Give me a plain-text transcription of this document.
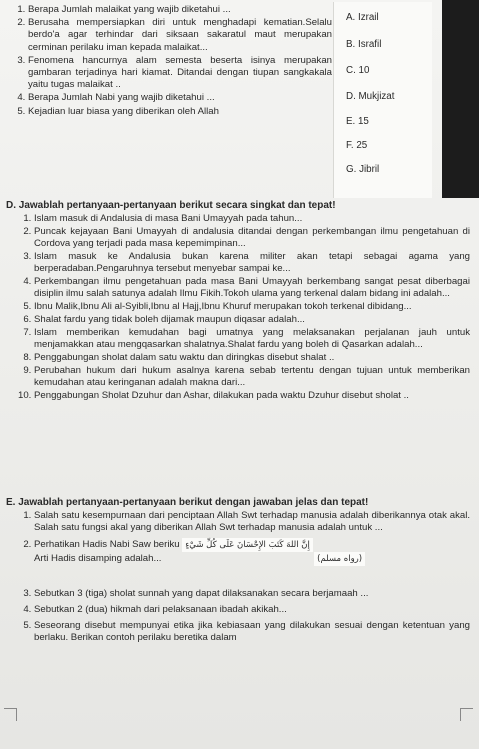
1. Berapa Jumlah malaikat yang wajib diketahui ...
2. Berusaha mempersiapkan diri untuk menghadapi kematian.Selalu berdo'a agar terhindar dari siksaan sakaratul maut merupakan cerminan perilaku iman kepada malaikat...
3. Fenomena hancurnya alam semesta beserta isinya merupakan gambaran terjadinya hari kiamat. Ditandai dengan tiupan sangkakala yaitu tugas malaikat ..
4. Berapa Jumlah Nabi yang wajib diketahui ...
5. Kejadian luar biasa yang diberikan oleh Allah
A. Izrail
B. Israfil
C. 10
D. Mukjizat
E. 15
F. 25
G. Jibril

D. Jawablah pertanyaan-pertanyaan berikut secara singkat dan tepat!

1. Islam masuk di Andalusia di masa Bani Umayyah pada tahun...
2. Puncak kejayaan Bani Umayyah di andalusia ditandai dengan perkembangan ilmu pengetahuan di Cordova yang terjadi pada masa kepemimpinan...
3. Islam masuk ke Andalusia bukan karena militer akan tetapi sebagai agama yang berperadaban.Pengaruhnya tersebut menyebar sampai ke...
4. Perkembangan ilmu pengetahuan pada masa Bani Umayyah berkembang sangat pesat diberbagai disiplin ilmu salah satunya adalah Ilmu Fikih.Tokoh ulama yang terkenal dalam bidang ini adalah...
5. Ibnu Malik,Ibnu Ali al-Syibli,Ibnu al Hajj,Ibnu Khuruf merupakan tokoh terkenal dibidang...
6. Shalat fardu yang tidak boleh dijamak maupun diqasar adalah...
7. Islam memberikan kemudahan bagi umatnya yang melaksanakan perjalanan jauh untuk menjamakkan atau mengqasarkan shalatnya.Shalat fardu yang boleh di Qasarkan adalah...
8. Penggabungan sholat dalam satu waktu dan diringkas disebut shalat ..
9. Perubahan hukum dari hukum asalnya karena sebab tertentu dengan tujuan untuk memberikan kemudahan atau keringanan adalah makna dari...
10. Penggabungan Sholat Dzuhur dan Ashar, dilakukan pada waktu Dzuhur disebut sholat ..

E. Jawablah pertanyaan-pertanyaan berikut dengan jawaban jelas dan tepat!

1. Salah satu kesempurnaan dari penciptaan Allah Swt terhadap manusia adalah diberikannya otak akal. Salah satu fungsi akal yang diberikan Allah Swt terhadap manusia adalah untuk ...
2. Perhatikan Hadis Nabi Saw beriku إِنَّ اللهَ كَتَبَ الإِحْسَانَ عَلَى كُلِّ شَيْءٍ
Arti Hadis disamping adalah...	(رواه مسلم)
3. Sebutkan 3 (tiga) sholat sunnah yang dapat dilaksanakan secara berjamaah ...
4. Sebutkan 2 (dua) hikmah dari pelaksanaan ibadah akikah...
5. Seseorang disebut mempunyai etika jika kebiasaan yang dilakukan sesuai dengan ketentuan yang berlaku. Berikan contoh perilaku beretika dalam
